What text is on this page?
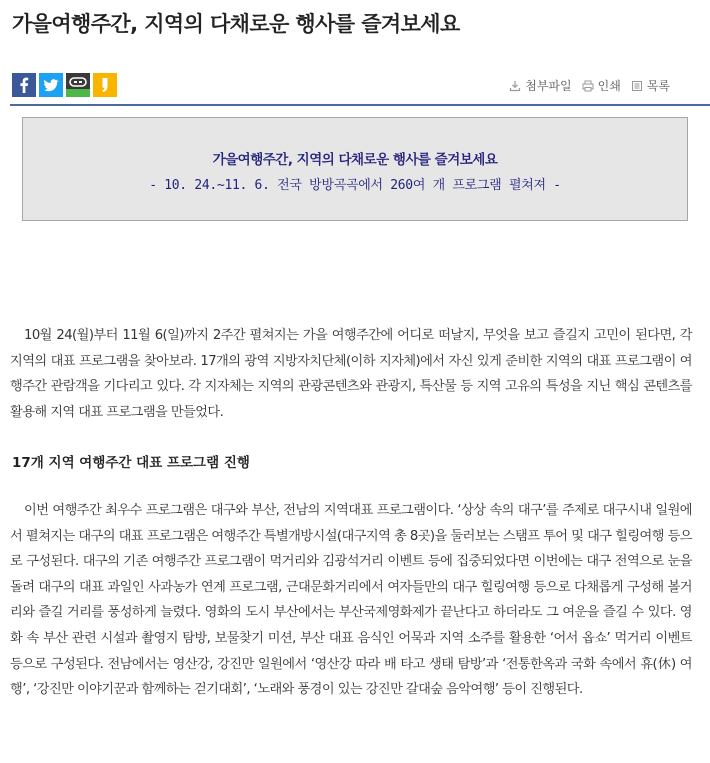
가을여행주간, 지역의 다채로운 행사를 즐겨보세요
첨부파일 인쇄 목록
가을여행주간, 지역의 다채로운 행사를 즐겨보세요
- 10. 24.~11. 6. 전국 방방곡곡에서 260여 개 프로그램 펼쳐져 -

10월 24(월)부터 11월 6(일)까지 2주간 펼쳐지는 가을 여행주간에 어디로 떠날지, 무엇을 보고 즐길지 고민이 된다면, 각 지역의 대표 프로그램을 찾아보라. 17개의 광역 지방자치단체(이하 지자체)에서 자신 있게 준비한 지역의 대표 프로그램이 여행주간 관람객을 기다리고 있다. 각 지자체는 지역의 관광콘텐츠와 관광지, 특산물 등 지역 고유의 특성을 지닌 핵심 콘텐츠를 활용해 지역 대표 프로그램을 만들었다.

17개 지역 여행주간 대표 프로그램 진행

이번 여행주간 최우수 프로그램은 대구와 부산, 전남의 지역대표 프로그램이다. ‘상상 속의 대구’를 주제로 대구시내 일원에서 펼쳐지는 대구의 대표 프로그램은 여행주간 특별개방시설(대구지역 총 8곳)을 둘러보는 스탬프 투어 및 대구 힐링여행 등으로 구성된다. 대구의 기존 여행주간 프로그램이 먹거리와 김광석거리 이벤트 등에 집중되었다면 이번에는 대구 전역으로 눈을 돌려 대구의 대표 과일인 사과농가 연계 프로그램, 근대문화거리에서 여자들만의 대구 힐링여행 등으로 다채롭게 구성해 볼거리와 즐길 거리를 풍성하게 늘렸다. 영화의 도시 부산에서는 부산국제영화제가 끝난다고 하더라도 그 여운을 즐길 수 있다. 영화 속 부산 관련 시설과 촬영지 탐방, 보물찾기 미션, 부산 대표 음식인 어묵과 지역 소주를 활용한 ‘어서 옵쇼’ 먹거리 이벤트 등으로 구성된다. 전남에서는 영산강, 강진만 일원에서 ‘영산강 따라 배 타고 생태 탐방’과 ‘전통한옥과 국화 속에서 휴(休) 여행’, ‘강진만 이야기꾼과 함께하는 걷기대회’, ‘노래와 풍경이 있는 강진만 갈대숲 음악여행’ 등이 진행된다.
